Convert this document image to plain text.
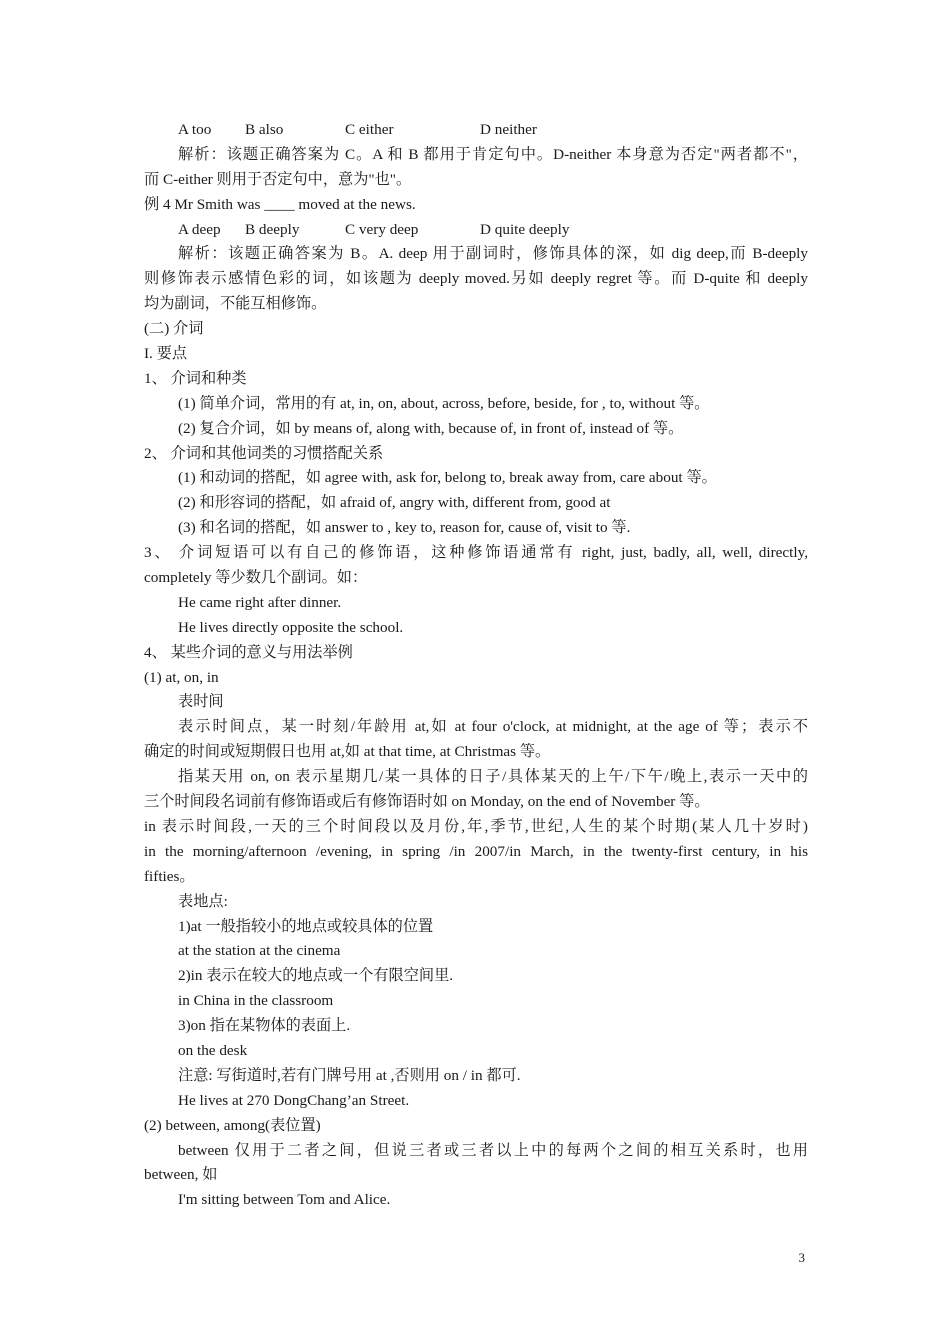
A too B also	C either	D neither
解析：该题正确答案为 C。A 和 B 都用于肯定句中。D-neither 本身意为否定"两者都不"，
而 C-either 则用于否定句中，意为"也"。
例 4 Mr Smith was ____ moved at the news.
A deep B deeply	C very deep	D quite deeply
解析：该题正确答案为 B。A. deep 用于副词时，修饰具体的深，如 dig deep,而 B-deeply
则修饰表示感情色彩的词，如该题为 deeply moved.另如 deeply regret 等。而 D-quite 和 deeply
均为副词，不能互相修饰。
(二) 介词
I. 要点
1、 介词和种类
(1) 简单介词，常用的有 at, in, on, about, across, before, beside, for , to, without 等。
(2) 复合介词，如 by means of, along with, because of, in front of, instead of 等。
2、 介词和其他词类的习惯搭配关系
(1) 和动词的搭配，如 agree with, ask for, belong to, break away from, care about 等。
(2) 和形容词的搭配，如 afraid of, angry with, different from, good at
(3) 和名词的搭配，如 answer to , key to, reason for, cause of, visit to 等.
3、 介词短语可以有自己的修饰语，这种修饰语通常有 right, just, badly, all, well, directly,
completely 等少数几个副词。如：
He came right after dinner.
He lives directly opposite the school.
4、 某些介词的意义与用法举例
(1) at, on, in
表时间
表示时间点，某一时刻/年龄用 at,如 at four o'clock, at midnight, at the age of 等；表示不
确定的时间或短期假日也用 at,如 at that time, at Christmas 等。
指某天用 on, on 表示星期几/某一具体的日子/具体某天的上午/下午/晚上,表示一天中的
三个时间段名词前有修饰语或后有修饰语时如 on Monday, on the end of November 等。
in 表示时间段,一天的三个时间段以及月份,年,季节,世纪,人生的某个时期(某人几十岁时)
in the morning/afternoon /evening, in spring /in 2007/in March, in the twenty-first century, in his
fifties。
表地点:
1)at 一般指较小的地点或较具体的位置
at the station at the cinema
2)in 表示在较大的地点或一个有限空间里.
in China in the classroom
3)on 指在某物体的表面上.
on the desk
注意: 写街道时,若有门牌号用 at ,否则用 on / in 都可.
He lives at 270 DongChang’an Street.
(2) between, among(表位置)
between 仅用于二者之间，但说三者或三者以上中的每两个之间的相互关系时，也用
between, 如
I'm sitting between Tom and Alice.
3
